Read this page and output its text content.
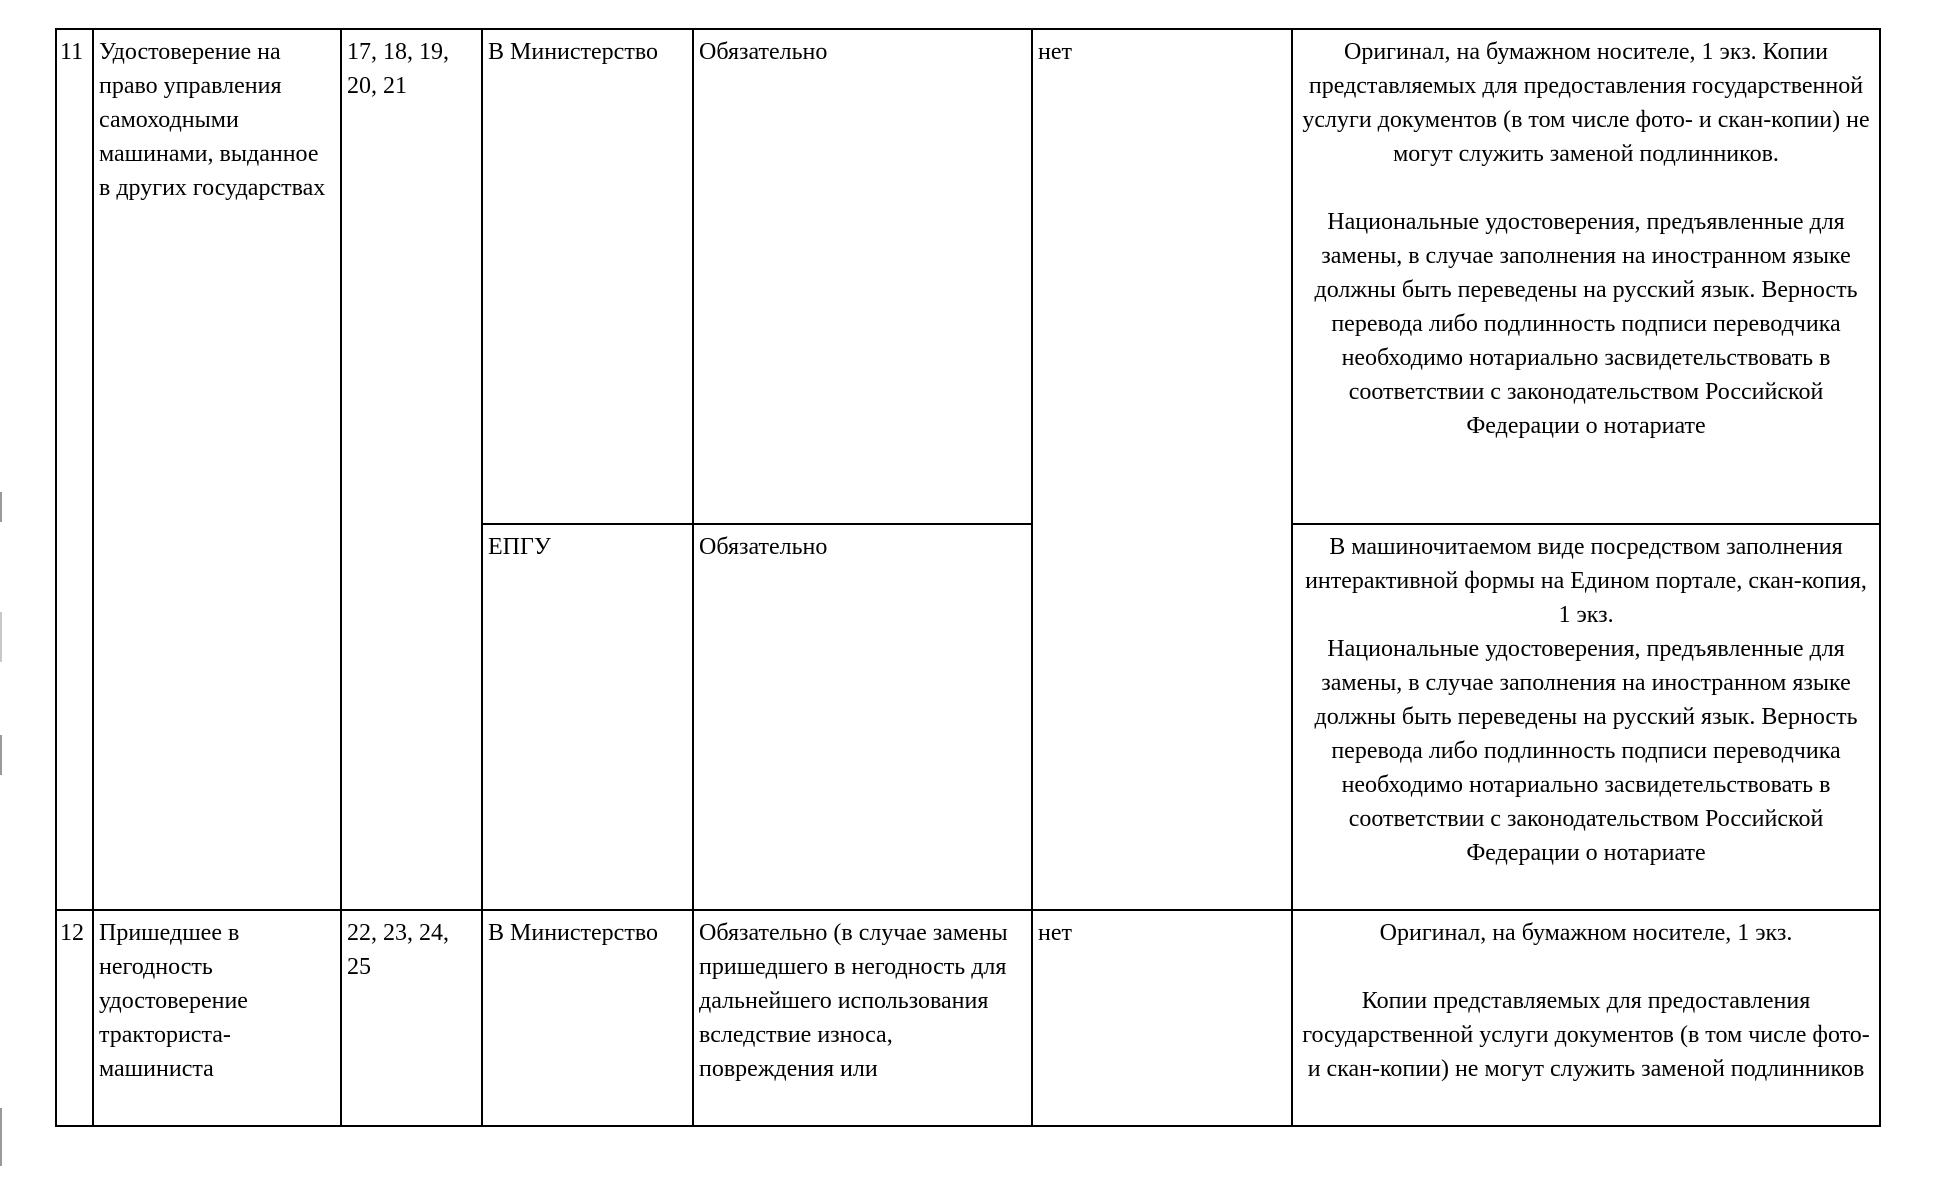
11	Удостоверение на право управления самоходными машинами, выданное в других государствах	17, 18, 19, 20, 21	В Министерство	Обязательно	нет	Оригинал, на бумажном носителе, 1 экз. Копии представляемых для предоставления государственной услуги документов (в том числе фото- и скан-копии) не могут служить заменой подлинников.
Национальные удостоверения, предъявленные для замены, в случае заполнения на иностранном языке должны быть переведены на русский язык. Верность перевода либо подлинность подписи переводчика необходимо нотариально засвидетельствовать в соответствии с законодательством Российской Федерации о нотариате

			ЕПГУ	Обязательно		В машиночитаемом виде посредством заполнения интерактивной формы на Едином портале, скан-копия, 1 экз.
Национальные удостоверения, предъявленные для замены, в случае заполнения на иностранном языке должны быть переведены на русский язык. Верность перевода либо подлинность подписи переводчика необходимо нотариально засвидетельствовать в соответствии с законодательством Российской Федерации о нотариате

12	Пришедшее в негодность удостоверение тракториста-машиниста	22, 23, 24, 25	В Министерство	Обязательно (в случае замены пришедшего в негодность для дальнейшего использования вследствие износа, повреждения или	нет	Оригинал, на бумажном носителе, 1 экз.
Копии представляемых для предоставления государственной услуги документов (в том числе фото- и скан-копии) не могут служить заменой подлинников
